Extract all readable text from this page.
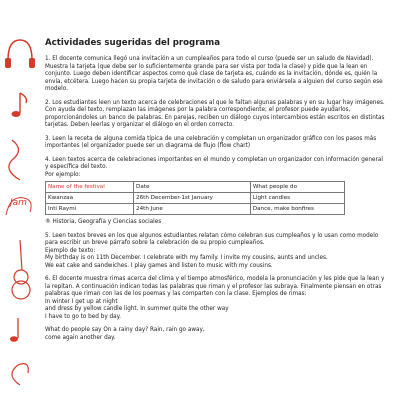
Jam
Actividades sugeridas del programa

1. El docente comunica llegó una invitación a un cumpleaños para todo el curso (puede ser un saludo de Navidad). Muestra la tarjeta (que debe ser lo suficientemente grande para ser vista por toda la clase) y pide que la lean en conjunto. Luego deben identificar aspectos como qué clase de tarjeta es, cuándo es la invitación, dónde es, quién la envía, etcétera. Luego hacen su propia tarjeta de invitación o de saludo para enviársela a alguien del curso según ese modelo.

2. Los estudiantes leen un texto acerca de celebraciones al que le faltan algunas palabras y en su lugar hay imágenes. Con ayuda del texto, remplazan las imágenes por la palabra correspondiente; el profesor puede ayudarlos, proporcionándoles un banco de palabras. En parejas, reciben un diálogo cuyos intercambios están escritos en distintas tarjetas. Deben leerlas y organizar el diálogo en el orden correcto.

3. Leen la receta de alguna comida típica de una celebración y completan un organizador gráfico con los pasos más importantes (el organizador puede ser un diagrama de flujo (flow chart)

4. Leen textos acerca de celebraciones importantes en el mundo y completan un organizador con información general y específica del texto.

Por ejemplo:
Name of the festival	Date	What people do
Kwanzaa	26th December-1st January	Light candles
Inti Raymi	24th June	Dance, make bonfires

® Historia, Geografía y Ciencias sociales

5. Leen textos breves en los que algunos estudiantes relatan cómo celebran sus cumpleaños y lo usan como modelo para escribir un breve párrafo sobre la celebración de su propio cumpleaños.

Ejemplo de texto:
My birthday is on 11th December. I celebrate with my family. I invite my cousins, aunts and uncles.
We eat cake and sandwiches. I play games and listen to music with my cousins.

6. El docente muestra rimas acerca del clima y el tiempo atmosférico, modela la pronunciación y les pide que la lean y la repitan. A continuación indican todas las palabras que riman y el profesor las subraya. Finalmente piensan en otras palabras que riman con las de los poemas y las comparten con la clase. Ejemplos de rimas:

In winter I get up at night
and dress by yellow candle light. In summer quite the other way
I have to go to bed by day.
What do people say On a rainy day? Rain, rain go away,
come again another day.
